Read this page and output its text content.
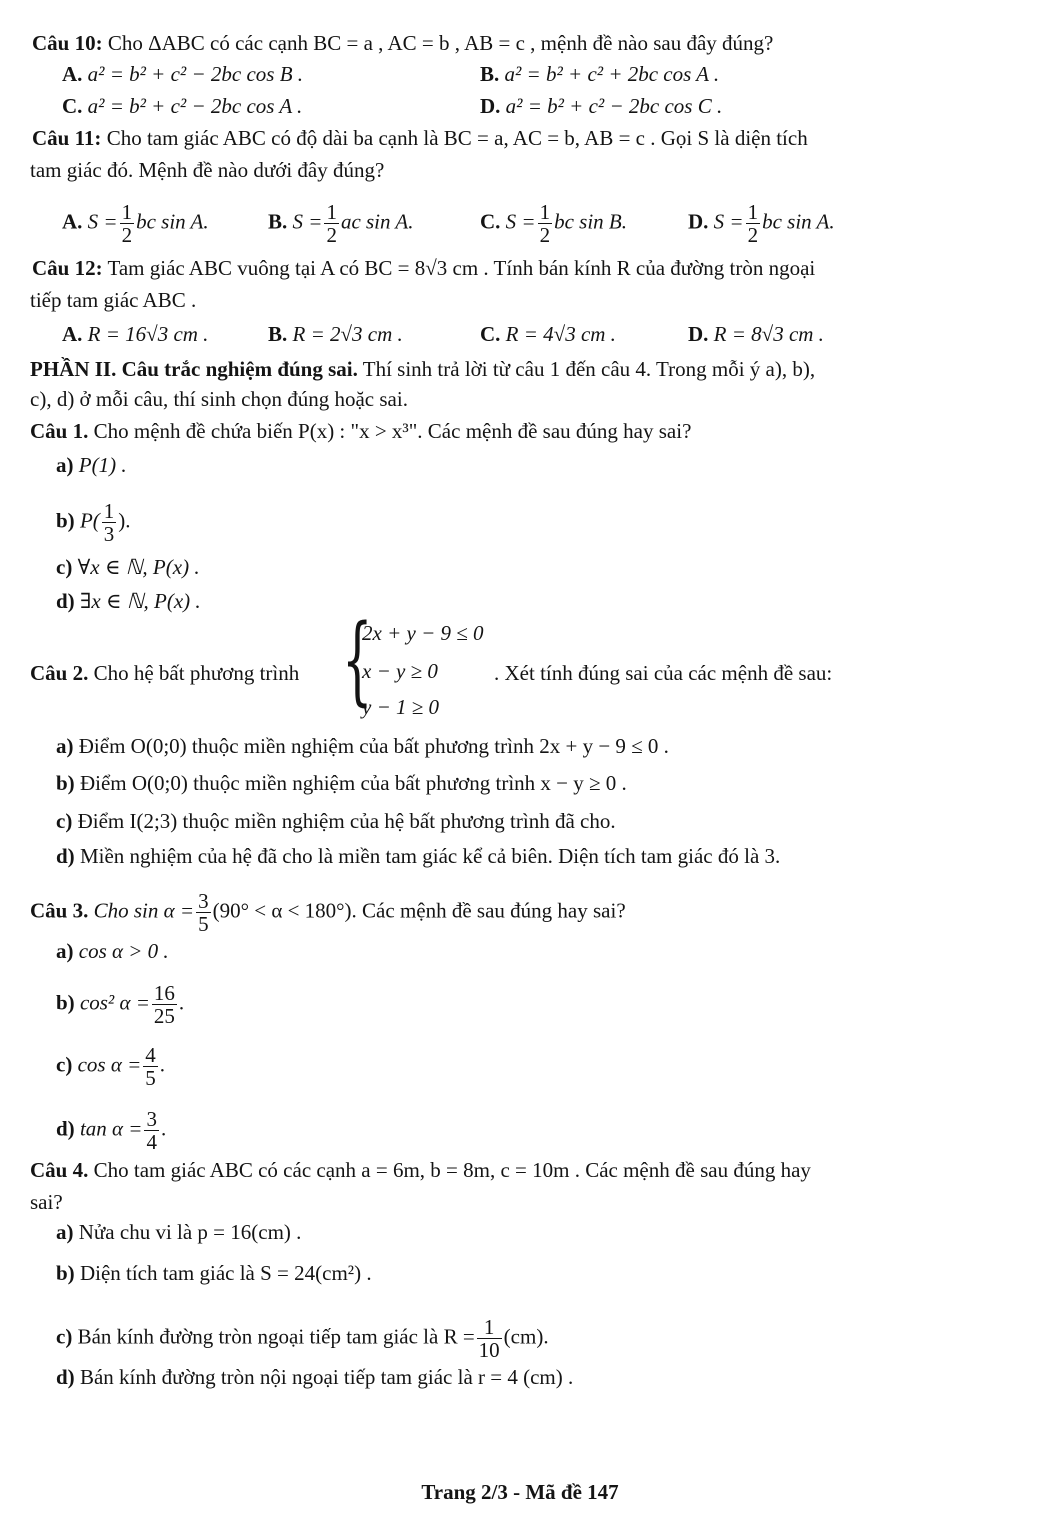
Câu 10: Cho ΔABC có các cạnh BC = a , AC = b , AB = c , mệnh đề nào sau đây đúng?
A. a² = b² + c² − 2bc cos B .	B. a² = b² + c² + 2bc cos A .
C. a² = b² + c² − 2bc cos A .	D. a² = b² + c² − 2bc cos C .
Câu 11: Cho tam giác ABC có độ dài ba cạnh là BC = a, AC = b, AB = c . Gọi S là diện tích
tam giác đó. Mệnh đề nào dưới đây đúng?
A. $S = \frac{1}{2}$ bc sin A.	B. $S = \frac{1}{2}$ ac sin A.	C. $S = \frac{1}{2}$ bc sin B.	D. $S = \frac{1}{2}$ bc sin A.
Câu 12: Tam giác ABC vuông tại A có BC = 8√3 cm . Tính bán kính R của đường tròn ngoại
tiếp tam giác ABC .
A. R = 16√3 cm .	B. R = 2√3 cm .	C. R = 4√3 cm .	D. R = 8√3 cm .
PHẦN II. Câu trắc nghiệm đúng sai. Thí sinh trả lời từ câu 1 đến câu 4. Trong mỗi ý a), b),
c), d) ở mỗi câu, thí sinh chọn đúng hoặc sai.
Câu 1. Cho mệnh đề chứa biến P(x) : "x > x³". Các mệnh đề sau đúng hay sai?
a) P(1) .
b) $P( \frac{1}{3}$ ).
c) ∀x ∈ ℕ, P(x) .
d) ∃x ∈ ℕ, P(x) .
Câu 2. Cho hệ bất phương trình {
2x + y − 9 ≤ 0
x − y ≥ 0
y − 1 ≥ 0
. Xét tính đúng sai của các mệnh đề sau:
a) Điểm O(0;0) thuộc miền nghiệm của bất phương trình 2x + y − 9 ≤ 0 .
b) Điểm O(0;0) thuộc miền nghiệm của bất phương trình x − y ≥ 0 .
c) Điểm I(2;3) thuộc miền nghiệm của hệ bất phương trình đã cho.
d) Miền nghiệm của hệ đã cho là miền tam giác kể cả biên. Diện tích tam giác đó là 3.
Câu 3. Cho $\sin \alpha = \frac{3}{5} (90^\circ < \alpha < 180^\circ)$. Các mệnh đề sau đúng hay sai?
a) cos α > 0 .
b) cos² $\alpha = \frac{16}{25}$ .
c) $\cos \alpha = \frac{4}{5}$ .
d) $\tan \alpha = \frac{3}{4}$ .
Câu 4. Cho tam giác ABC có các cạnh a = 6m, b = 8m, c = 10m . Các mệnh đề sau đúng hay
sai?
a) Nửa chu vi là p = 16(cm) .
b) Diện tích tam giác là S = 24(cm²) .
c) Bán kính đường tròn ngoại tiếp tam giác là $R = \frac{1}{10} (cm)$.
d) Bán kính đường tròn nội ngoại tiếp tam giác là r = 4 (cm) .
Trang 2/3 - Mã đề 147
